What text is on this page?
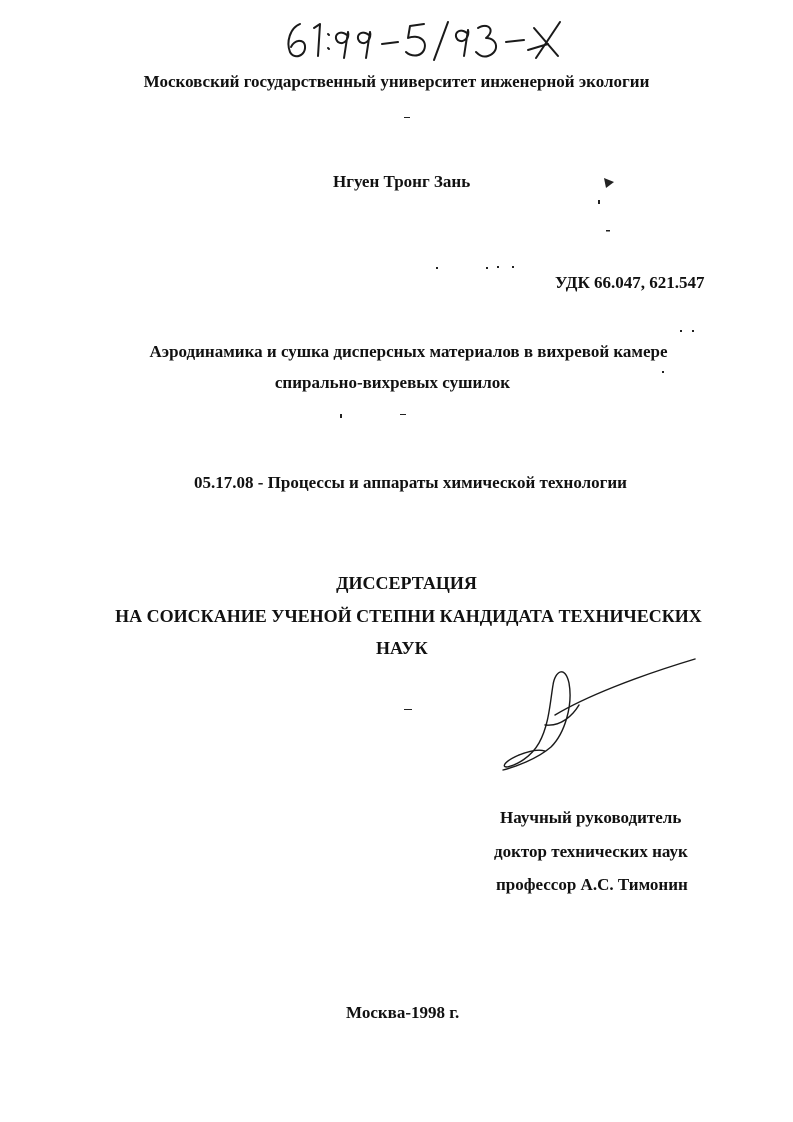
Московский государственный университет инженерной экологии
Нгуен Тронг Зань
УДК 66.047, 621.547
Аэродинамика и сушка дисперсных материалов в вихревой камере
спирально-вихревых сушилок
05.17.08 - Процессы и аппараты химической технологии
ДИССЕРТАЦИЯ
НА СОИСКАНИЕ УЧЕНОЙ СТЕПНИ КАНДИДАТА ТЕХНИЧЕСКИХ
НАУК
Научный руководитель
доктор технических наук
профессор А.С. Тимонин
Москва-1998 г.
